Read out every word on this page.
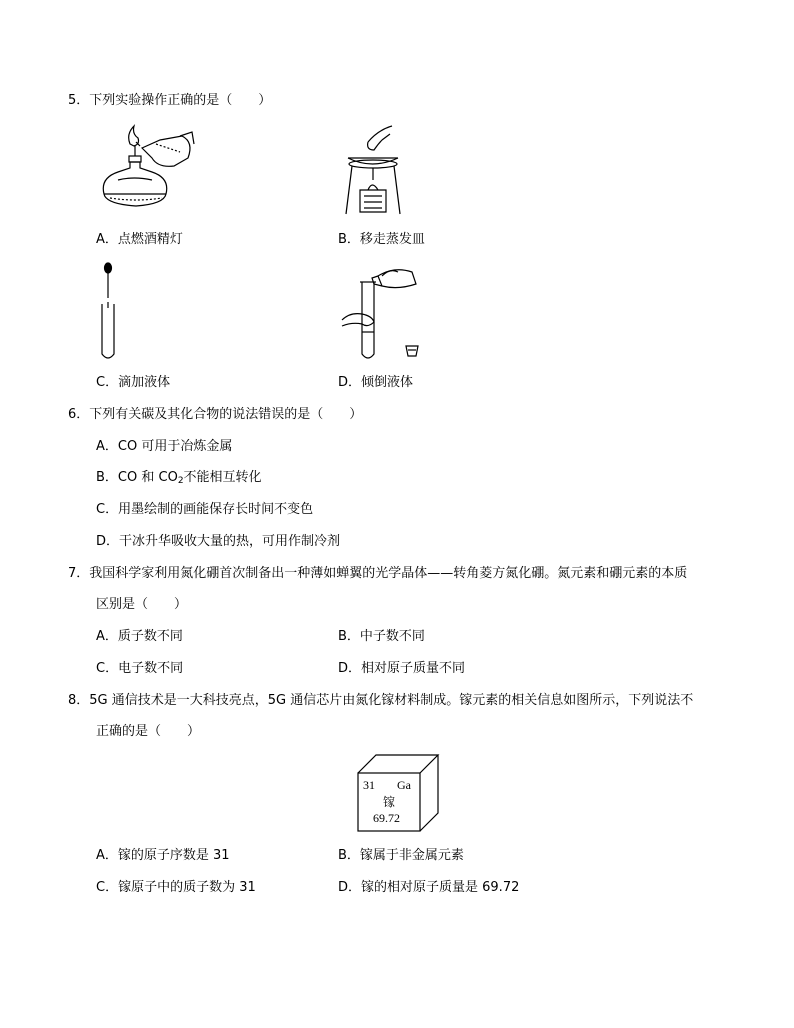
5．下列实验操作正确的是（　　）
A．点燃酒精灯	B．移走蒸发皿
C．滴加液体	D．倾倒液体
6．下列有关碳及其化合物的说法错误的是（　　）
A．CO 可用于冶炼金属
B．CO 和 $CO_2$不能相互转化
C．用墨绘制的画能保存长时间不变色
D．干冰升华吸收大量的热，可用作制冷剂
7．我国科学家利用氮化硼首次制备出一种薄如蝉翼的光学晶体——转角菱方氮化硼。氮元素和硼元素的本质
区别是（　　）
A．质子数不同	B．中子数不同
C．电子数不同	D．相对原子质量不同
8．5G 通信技术是一大科技亮点，5G 通信芯片由氮化镓材料制成。镓元素的相关信息如图所示，下列说法不
正确的是（　　）
31 Ga
镓
69.72
A．镓的原子序数是 31	B．镓属于非金属元素
C．镓原子中的质子数为 31	D．镓的相对原子质量是 69.72
